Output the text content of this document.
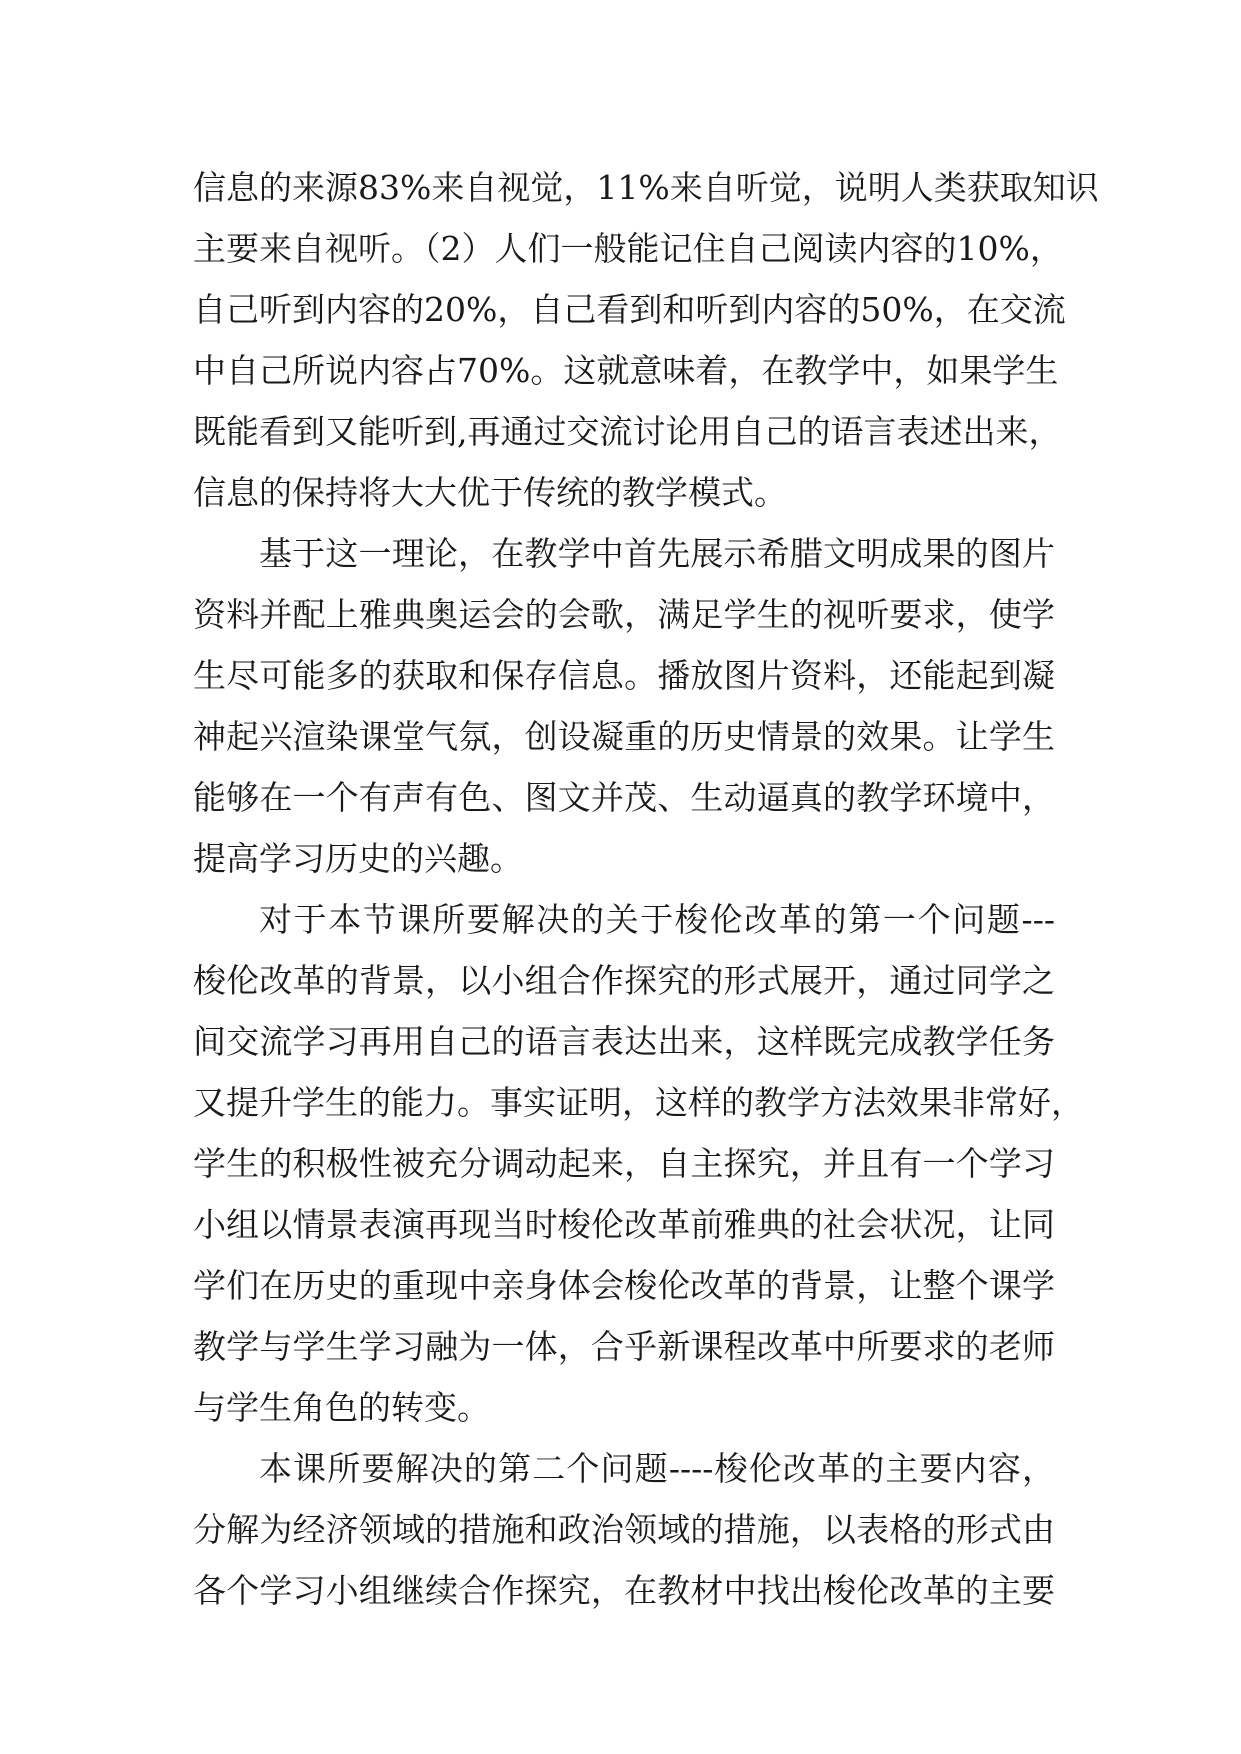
信息的来源83%来自视觉，11%来自听觉，说明人类获取知识
主要来自视听。（2）人们一般能记住自己阅读内容的10%，
自己听到内容的20%，自己看到和听到内容的50%，在交流
中自己所说内容占70%。这就意味着，在教学中，如果学生
既能看到又能听到,再通过交流讨论用自己的语言表述出来，
信息的保持将大大优于传统的教学模式。
基于这一理论，在教学中首先展示希腊文明成果的图片
资料并配上雅典奥运会的会歌，满足学生的视听要求，使学
生尽可能多的获取和保存信息。播放图片资料，还能起到凝
神起兴渲染课堂气氛，创设凝重的历史情景的效果。让学生
能够在一个有声有色、图文并茂、生动逼真的教学环境中，
提高学习历史的兴趣。
对于本节课所要解决的关于梭伦改革的第一个问题---
梭伦改革的背景，以小组合作探究的形式展开，通过同学之
间交流学习再用自己的语言表达出来，这样既完成教学任务
又提升学生的能力。事实证明，这样的教学方法效果非常好，
学生的积极性被充分调动起来，自主探究，并且有一个学习
小组以情景表演再现当时梭伦改革前雅典的社会状况，让同
学们在历史的重现中亲身体会梭伦改革的背景，让整个课学
教学与学生学习融为一体，合乎新课程改革中所要求的老师
与学生角色的转变。
本课所要解决的第二个问题----梭伦改革的主要内容，
分解为经济领域的措施和政治领域的措施，以表格的形式由
各个学习小组继续合作探究，在教材中找出梭伦改革的主要
